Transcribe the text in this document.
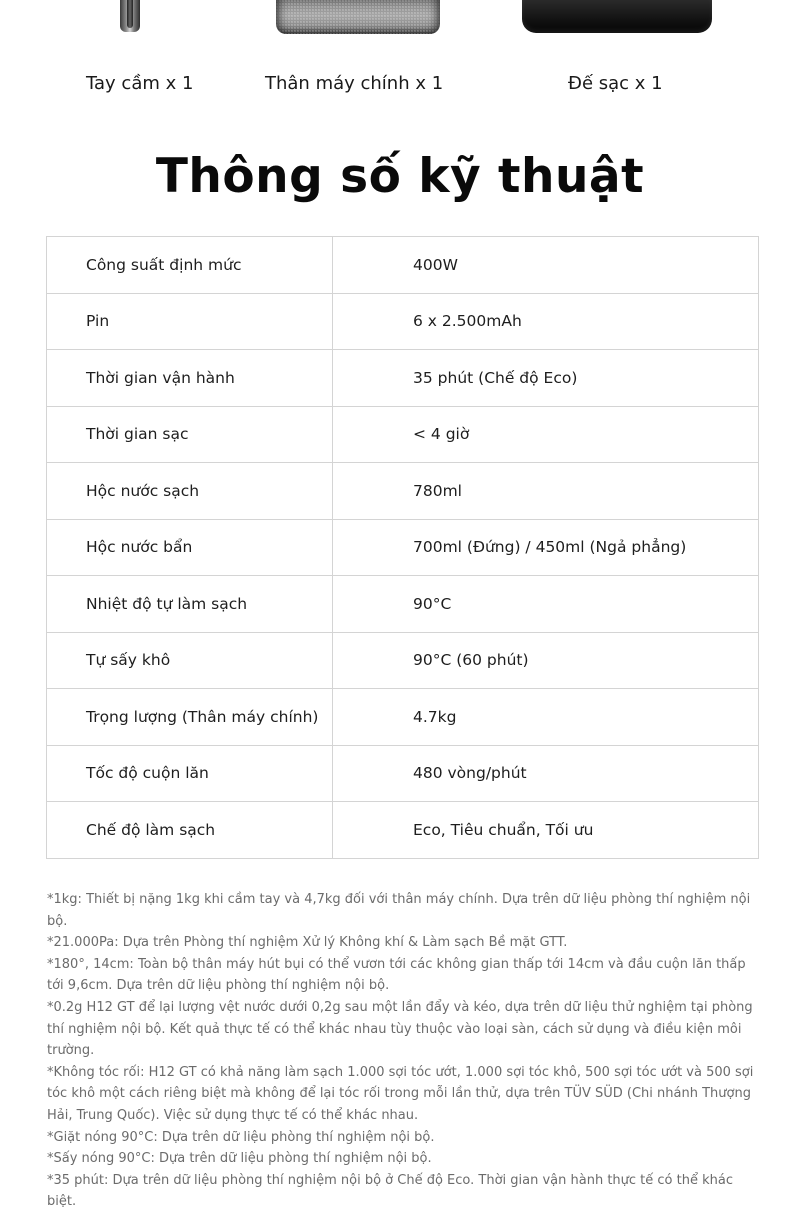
Tay cầm x 1	Thân máy chính x 1	Đế sạc x 1
Thông số kỹ thuật
Công suất định mức	400W
Pin	6 x 2.500mAh
Thời gian vận hành	35 phút (Chế độ Eco)
Thời gian sạc	< 4 giờ
Hộc nước sạch	780ml
Hộc nước bẩn	700ml (Đứng) / 450ml (Ngả phẳng)
Nhiệt độ tự làm sạch	90°C
Tự sấy khô	90°C (60 phút)
Trọng lượng (Thân máy chính)	4.7kg
Tốc độ cuộn lăn	480 vòng/phút
Chế độ làm sạch	Eco, Tiêu chuẩn, Tối ưu

*1kg: Thiết bị nặng 1kg khi cầm tay và 4,7kg đối với thân máy chính. Dựa trên dữ liệu phòng thí nghiệm nội bộ.

*21.000Pa: Dựa trên Phòng thí nghiệm Xử lý Không khí & Làm sạch Bề mặt GTT.

*180°, 14cm: Toàn bộ thân máy hút bụi có thể vươn tới các không gian thấp tới 14cm và đầu cuộn lăn thấp tới 9,6cm. Dựa trên dữ liệu phòng thí nghiệm nội bộ.

*0.2g H12 GT để lại lượng vệt nước dưới 0,2g sau một lần đẩy và kéo, dựa trên dữ liệu thử nghiệm tại phòng thí nghiệm nội bộ. Kết quả thực tế có thể khác nhau tùy thuộc vào loại sàn, cách sử dụng và điều kiện môi trường.

*Không tóc rối: H12 GT có khả năng làm sạch 1.000 sợi tóc ướt, 1.000 sợi tóc khô, 500 sợi tóc ướt và 500 sợi tóc khô một cách riêng biệt mà không để lại tóc rối trong mỗi lần thử, dựa trên TÜV SÜD (Chi nhánh Thượng Hải, Trung Quốc). Việc sử dụng thực tế có thể khác nhau.

*Giặt nóng 90°C: Dựa trên dữ liệu phòng thí nghiệm nội bộ.

*Sấy nóng 90°C: Dựa trên dữ liệu phòng thí nghiệm nội bộ.

*35 phút: Dựa trên dữ liệu phòng thí nghiệm nội bộ ở Chế độ Eco. Thời gian vận hành thực tế có thể khác biệt.
